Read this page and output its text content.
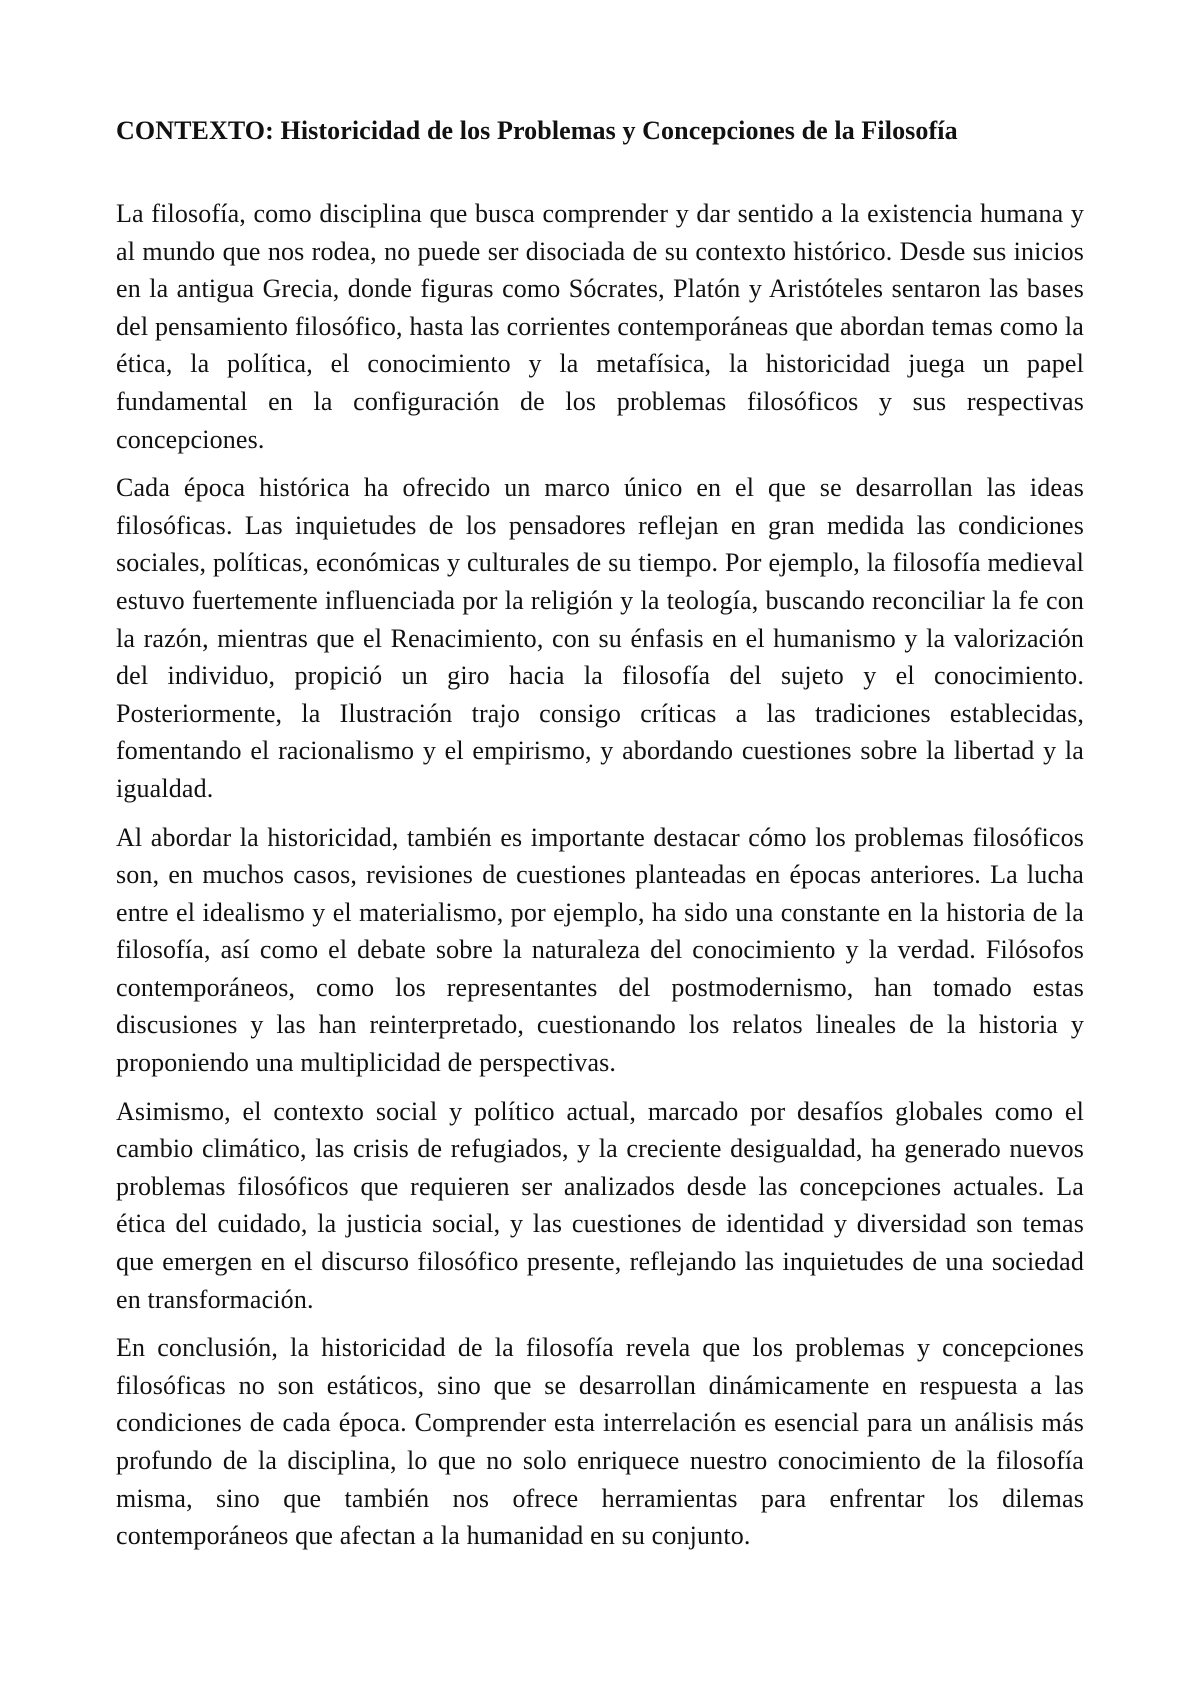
CONTEXTO: Historicidad de los Problemas y Concepciones de la Filosofía

La filosofía, como disciplina que busca comprender y dar sentido a la existencia humana y al mundo que nos rodea, no puede ser disociada de su contexto histórico. Desde sus inicios en la antigua Grecia, donde figuras como Sócrates, Platón y Aristóteles sentaron las bases del pensamiento filosófico, hasta las corrientes contemporáneas que abordan temas como la ética, la política, el conocimiento y la metafísica, la historicidad juega un papel fundamental en la configuración de los problemas filosóficos y sus respectivas concepciones.

Cada época histórica ha ofrecido un marco único en el que se desarrollan las ideas filosóficas. Las inquietudes de los pensadores reflejan en gran medida las condiciones sociales, políticas, económicas y culturales de su tiempo. Por ejemplo, la filosofía medieval estuvo fuertemente influenciada por la religión y la teología, buscando reconciliar la fe con la razón, mientras que el Renacimiento, con su énfasis en el humanismo y la valorización del individuo, propició un giro hacia la filosofía del sujeto y el conocimiento. Posteriormente, la Ilustración trajo consigo críticas a las tradiciones establecidas, fomentando el racionalismo y el empirismo, y abordando cuestiones sobre la libertad y la igualdad.

Al abordar la historicidad, también es importante destacar cómo los problemas filosóficos son, en muchos casos, revisiones de cuestiones planteadas en épocas anteriores. La lucha entre el idealismo y el materialismo, por ejemplo, ha sido una constante en la historia de la filosofía, así como el debate sobre la naturaleza del conocimiento y la verdad. Filósofos contemporáneos, como los representantes del postmodernismo, han tomado estas discusiones y las han reinterpretado, cuestionando los relatos lineales de la historia y proponiendo una multiplicidad de perspectivas.

Asimismo, el contexto social y político actual, marcado por desafíos globales como el cambio climático, las crisis de refugiados, y la creciente desigualdad, ha generado nuevos problemas filosóficos que requieren ser analizados desde las concepciones actuales. La ética del cuidado, la justicia social, y las cuestiones de identidad y diversidad son temas que emergen en el discurso filosófico presente, reflejando las inquietudes de una sociedad en transformación.

En conclusión, la historicidad de la filosofía revela que los problemas y concepciones filosóficas no son estáticos, sino que se desarrollan dinámicamente en respuesta a las condiciones de cada época. Comprender esta interrelación es esencial para un análisis más profundo de la disciplina, lo que no solo enriquece nuestro conocimiento de la filosofía misma, sino que también nos ofrece herramientas para enfrentar los dilemas contemporáneos que afectan a la humanidad en su conjunto.
